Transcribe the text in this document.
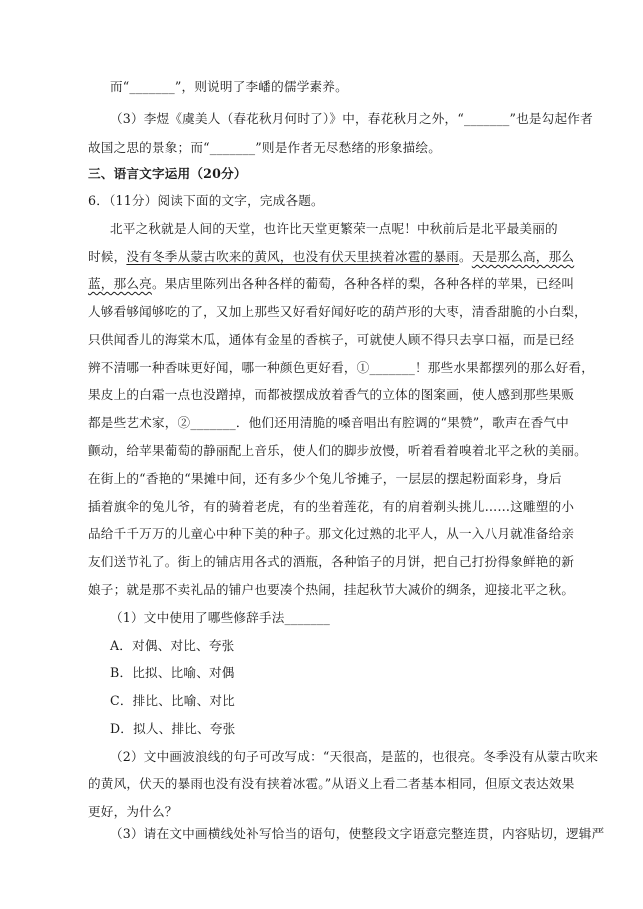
而“_______”，则说明了李嶓的儒学素养。
（3）李煜《虞美人（春花秋月何时了）》中，春花秋月之外，“_______”也是勾起作者
故国之思的景象；而“_______”则是作者无尽愁绪的形象描绘。
三、语言文字运用（20分）
6．（11分）阅读下面的文字，完成各题。
北平之秋就是人间的天堂，也许比天堂更繁荣一点呢！中秋前后是北平最美丽的
时候，没有冬季从蒙古吹来的黄风，也没有伏天里挟着冰雹的暴雨。天是那么高，那么
蓝，那么亮。果店里陈列出各种各样的葡萄，各种各样的梨，各种各样的苹果，已经叫
人够看够闻够吃的了，又加上那些又好看好闻好吃的葫芦形的大枣，清香甜脆的小白梨，
只供闻香儿的海棠木瓜，通体有金星的香槟子，可就使人顾不得只去享口福，而是已经
辨不清哪一种香味更好闻，哪一种颜色更好看，①_______！那些水果都摆列的那么好看，
果皮上的白霜一点也没蹭掉，而都被摆成放着香气的立体的图案画，使人感到那些果贩
都是些艺术家，②_______．他们还用清脆的嗓音唱出有腔调的“果赞”，歌声在香气中
颤动，给苹果葡萄的静丽配上音乐，使人们的脚步放慢，听着看着嗅着北平之秋的美丽。
在街上的“香艳的“果摊中间，还有多少个兔儿爷摊子，一层层的摆起粉面彩身，身后
插着旗伞的兔儿爷，有的骑着老虎，有的坐着莲花，有的肩着剃头挑儿……这雕塑的小
品给千千万万的儿童心中种下美的种子。那文化过熟的北平人，从一入八月就准备给亲
友们送节礼了。街上的铺店用各式的酒瓶，各种馅子的月饼，把自己打扮得象鲜艳的新
娘子；就是那不卖礼品的铺户也要凑个热闹，挂起秋节大减价的绸条，迎接北平之秋。
（1）文中使用了哪些修辞手法_______
A．对偶、对比、夸张
B．比拟、比喻、对偶
C．排比、比喻、对比
D．拟人、排比、夸张
（2）文中画波浪线的句子可改写成：“天很高，是蓝的，也很亮。冬季没有从蒙古吹来
的黄风，伏天的暴雨也没有没有挟着冰雹。”从语义上看二者基本相同，但原文表达效果
更好，为什么？
（3）请在文中画横线处补写恰当的语句，使整段文字语意完整连贯，内容贴切，逻辑严
